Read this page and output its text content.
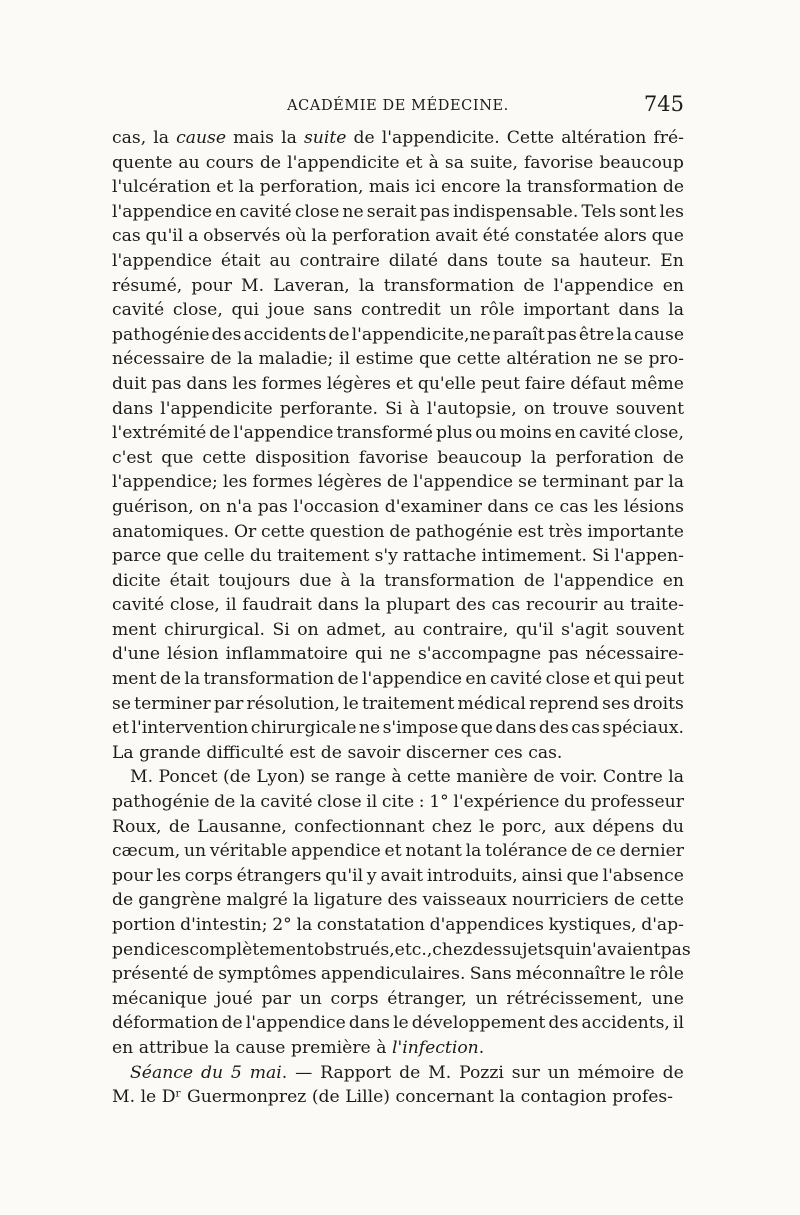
ACADÉMIE DE MÉDECINE.	745
cas, la cause mais la suite de l'appendicite. Cette altération fré-
quente au cours de l'appendicite et à sa suite, favorise beaucoup
l'ulcération et la perforation, mais ici encore la transformation de
l'appendice en cavité close ne serait pas indispensable. Tels sont les
cas qu'il a observés où la perforation avait été constatée alors que
l'appendice était au contraire dilaté dans toute sa hauteur. En
résumé, pour M. Laveran, la transformation de l'appendice en
cavité close, qui joue sans contredit un rôle important dans la
pathogénie des accidents de l'appendicite,ne paraît pas être la cause
nécessaire de la maladie; il estime que cette altération ne se pro-
duit pas dans les formes légères et qu'elle peut faire défaut même
dans l'appendicite perforante. Si à l'autopsie, on trouve souvent
l'extrémité de l'appendice transformé plus ou moins en cavité close,
c'est que cette disposition favorise beaucoup la perforation de
l'appendice; les formes légères de l'appendice se terminant par la
guérison, on n'a pas l'occasion d'examiner dans ce cas les lésions
anatomiques. Or cette question de pathogénie est très importante
parce que celle du traitement s'y rattache intimement. Si l'appen-
dicite était toujours due à la transformation de l'appendice en
cavité close, il faudrait dans la plupart des cas recourir au traite-
ment chirurgical. Si on admet, au contraire, qu'il s'agit souvent
d'une lésion inflammatoire qui ne s'accompagne pas nécessaire-
ment de la transformation de l'appendice en cavité close et qui peut
se terminer par résolution, le traitement médical reprend ses droits
et l'intervention chirurgicale ne s'impose que dans des cas spéciaux.
La grande difficulté est de savoir discerner ces cas.
M. Poncet (de Lyon) se range à cette manière de voir. Contre la
pathogénie de la cavité close il cite : 1° l'expérience du professeur
Roux, de Lausanne, confectionnant chez le porc, aux dépens du
cæcum, un véritable appendice et notant la tolérance de ce dernier
pour les corps étrangers qu'il y avait introduits, ainsi que l'absence
de gangrène malgré la ligature des vaisseaux nourriciers de cette
portion d'intestin; 2° la constatation d'appendices kystiques, d'ap-
pendices complètement obstrués, etc.,chez des sujets qui n'avaient pas
présenté de symptômes appendiculaires. Sans méconnaître le rôle
mécanique joué par un corps étranger, un rétrécissement, une
déformation de l'appendice dans le développement des accidents, il
en attribue la cause première à l'infection.
Séance du 5 mai. — Rapport de M. Pozzi sur un mémoire de
M. le Dʳ Guermonprez (de Lille) concernant la contagion profes-
